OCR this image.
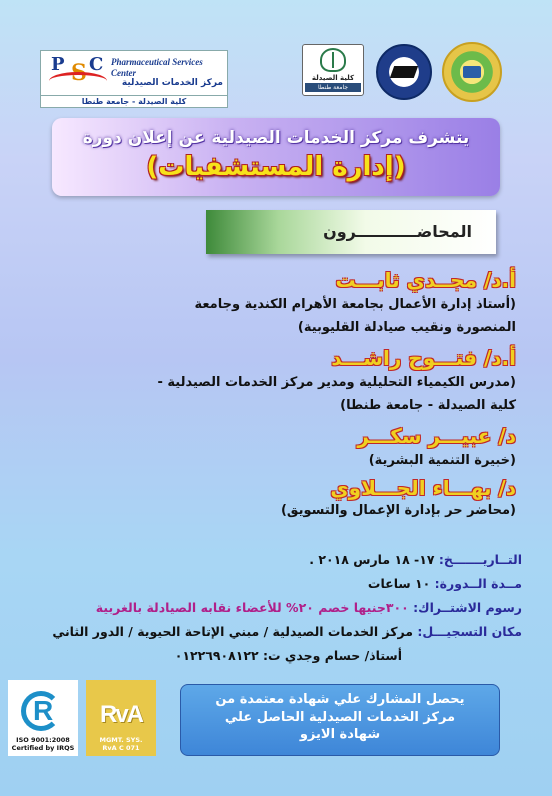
P S C Pharmaceutical Services Center
مركز الخدمات الصيدلية
كلية الصيدلة - جامعة طنطا
كلية الصيدلة
جامعة طنطا
يتشرف مركز الخدمات الصيدلية عن إعلان دورة
(إدارة المستشفيات)
المحاضـــــــــــرون
أ.د/ مجــدي ثابـــت
(أستاذ إدارة الأعمال بجامعة الأهرام الكندية وجامعة
المنصورة ونقيب صيادلة القليوبية)
أ.د/ فتـــوح راشـــد
(مدرس الكيمياء التحليلية ومدير مركز الخدمات الصيدلية -
كلية الصيدلة - جامعة طنطا)
د/ عبيـــر سكـــر
(خبيرة التنمية البشرية)
د/ بهـــاء الجـــلاوي
(محاضر حر بإدارة الإعمال والتسويق)
التــاريـــــــخ: ١٧- ١٨ مارس ٢٠١٨ .
مــدة الــدورة: ١٠ ساعات
رسوم الاشتــراك: ٣٠٠جنيها خصم ٢٠% للأعضاء نقابه الصيادلة بالغربية
مكان التسجيـــل: مركز الخدمات الصيدلية / مبني الإتاحة الحيوية / الدور الثاني
أستاذ/ حسام وجدي ت: ٠١٢٢٦٩٠٨١٢٢
يحصل المشارك علي شهادة معتمدة من
مركز الخدمات الصيدلية الحاصل علي
شهادة الايزو
R
ISO 9001:2008
Certified by IRQS
RvA
MGMT. SYS.
RvA C 071
